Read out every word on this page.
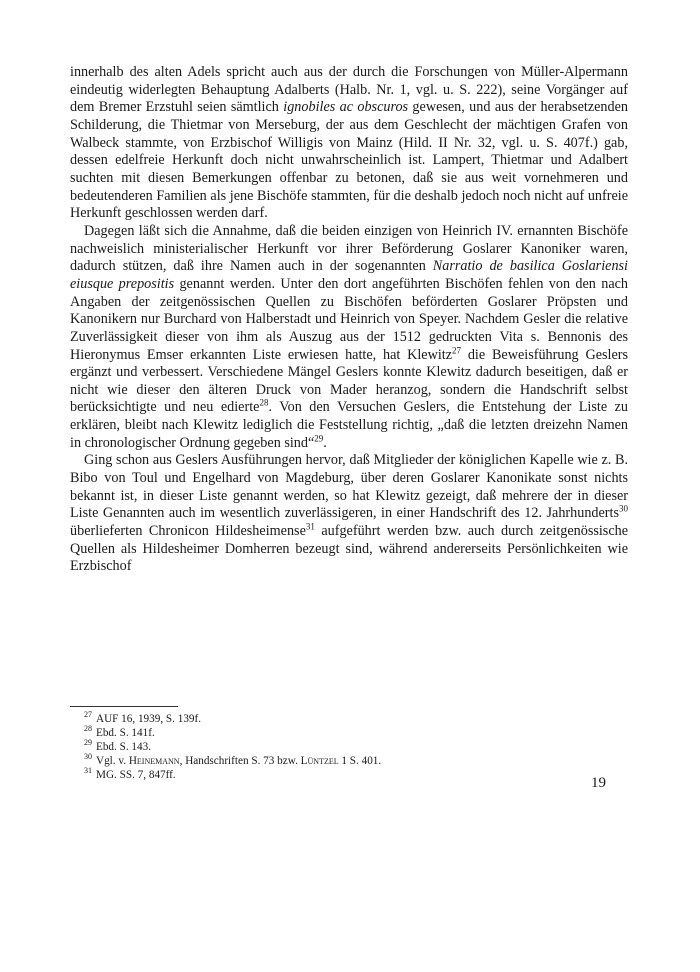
innerhalb des alten Adels spricht auch aus der durch die Forschungen von Müller-Alpermann eindeutig widerlegten Behauptung Adalberts (Halb. Nr. 1, vgl. u. S. 222), seine Vorgänger auf dem Bremer Erzstuhl seien sämtlich ignobiles ac obscuros gewesen, und aus der herabsetzenden Schilderung, die Thietmar von Merseburg, der aus dem Geschlecht der mächtigen Grafen von Walbeck stammte, von Erzbischof Willigis von Mainz (Hild. II Nr. 32, vgl. u. S. 407f.) gab, dessen edelfreie Herkunft doch nicht unwahrscheinlich ist. Lampert, Thietmar und Adalbert suchten mit diesen Bemerkungen offenbar zu betonen, daß sie aus weit vornehmeren und bedeutenderen Familien als jene Bischöfe stammten, für die deshalb jedoch noch nicht auf unfreie Herkunft geschlossen werden darf.

Dagegen läßt sich die Annahme, daß die beiden einzigen von Heinrich IV. ernannten Bischöfe nachweislich ministerialischer Herkunft vor ihrer Beförderung Goslarer Kanoniker waren, dadurch stützen, daß ihre Namen auch in der sogenannten Narratio de basilica Goslariensi eiusque prepositis genannt werden. Unter den dort angeführten Bischöfen fehlen von den nach Angaben der zeitgenössischen Quellen zu Bischöfen beförderten Goslarer Pröpsten und Kanonikern nur Burchard von Halberstadt und Heinrich von Speyer. Nachdem Gesler die relative Zuverlässigkeit dieser von ihm als Auszug aus der 1512 gedruckten Vita s. Bennonis des Hieronymus Emser erkannten Liste erwiesen hatte, hat Klewitz$^{27}$ die Beweisführung Geslers ergänzt und verbessert. Verschiedene Mängel Geslers konnte Klewitz dadurch beseitigen, daß er nicht wie dieser den älteren Druck von Mader heranzog, sondern die Handschrift selbst berücksichtigte und neu edierte$^{28}$. Von den Versuchen Geslers, die Entstehung der Liste zu erklären, bleibt nach Klewitz lediglich die Feststellung richtig, „daß die letzten dreizehn Namen in chronologischer Ordnung gegeben sind“$^{29}$.

Ging schon aus Geslers Ausführungen hervor, daß Mitglieder der königlichen Kapelle wie z. B. Bibo von Toul und Engelhard von Magdeburg, über deren Goslarer Kanonikate sonst nichts bekannt ist, in dieser Liste genannt werden, so hat Klewitz gezeigt, daß mehrere der in dieser Liste Genannten auch im wesentlich zuverlässigeren, in einer Handschrift des 12. Jahrhunderts$^{30}$ überlieferten Chronicon Hildesheimense$^{31}$ aufgeführt werden bzw. auch durch zeitgenössische Quellen als Hildesheimer Domherren bezeugt sind, während andererseits Persönlichkeiten wie Erzbischof

$^{27}$ AUF 16, 1939, S. 139f.
$^{28}$ Ebd. S. 141f.
$^{29}$ Ebd. S. 143.
$^{30}$ Vgl. v. Heinemann, Handschriften S. 73 bzw. Lüntzel 1 S. 401.
$^{31}$ MG. SS. 7, 847ff.
19
